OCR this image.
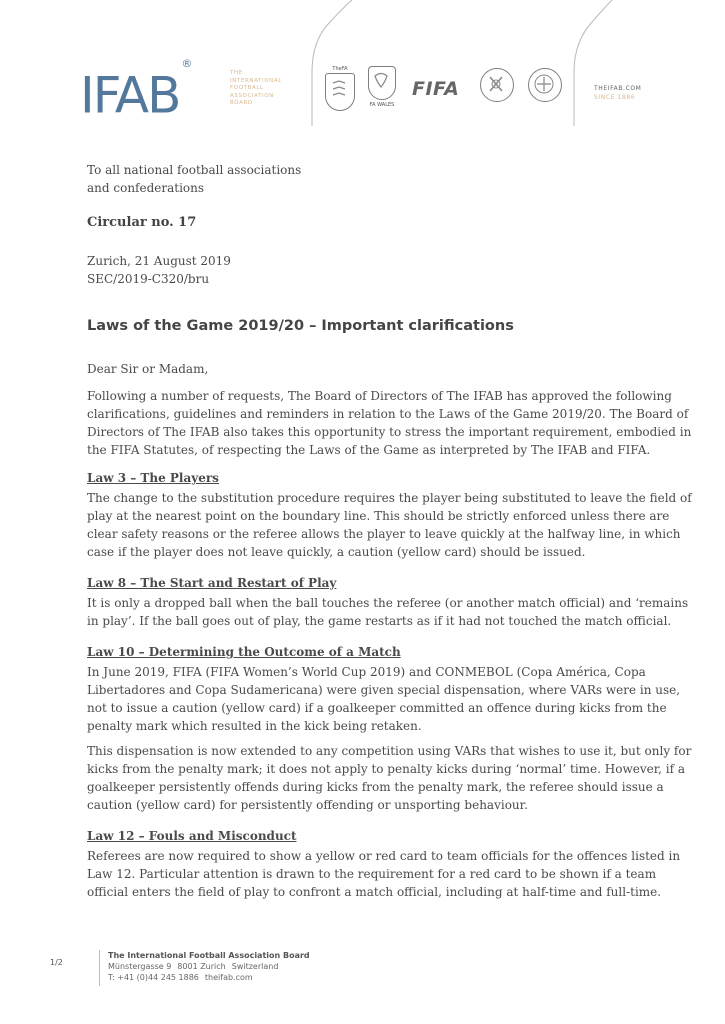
IFAB®
THE
INTERNATIONAL
FOOTBALL
ASSOCIATION
BOARD
TheFA
FA WALES
FIFA	THEIFAB.COM
SINCE 1886
To all national football associations
and confederations
Circular no. 17
Zurich, 21 August 2019
SEC/2019-C320/bru
Laws of the Game 2019/20 – Important clarifications
Dear Sir or Madam,
Following a number of requests, The Board of Directors of The IFAB has approved the following
clarifications, guidelines and reminders in relation to the Laws of the Game 2019/20. The Board of
Directors of The IFAB also takes this opportunity to stress the important requirement, embodied in
the FIFA Statutes, of respecting the Laws of the Game as interpreted by The IFAB and FIFA.
Law 3 – The Players
The change to the substitution procedure requires the player being substituted to leave the field of
play at the nearest point on the boundary line. This should be strictly enforced unless there are
clear safety reasons or the referee allows the player to leave quickly at the halfway line, in which
case if the player does not leave quickly, a caution (yellow card) should be issued.
Law 8 – The Start and Restart of Play
It is only a dropped ball when the ball touches the referee (or another match official) and ‘remains
in play’. If the ball goes out of play, the game restarts as if it had not touched the match official.
Law 10 – Determining the Outcome of a Match
In June 2019, FIFA (FIFA Women’s World Cup 2019) and CONMEBOL (Copa América, Copa
Libertadores and Copa Sudamericana) were given special dispensation, where VARs were in use,
not to issue a caution (yellow card) if a goalkeeper committed an offence during kicks from the
penalty mark which resulted in the kick being retaken.
This dispensation is now extended to any competition using VARs that wishes to use it, but only for
kicks from the penalty mark; it does not apply to penalty kicks during ‘normal’ time. However, if a
goalkeeper persistently offends during kicks from the penalty mark, the referee should issue a
caution (yellow card) for persistently offending or unsporting behaviour.
Law 12 – Fouls and Misconduct
Referees are now required to show a yellow or red card to team officials for the offences listed in
Law 12. Particular attention is drawn to the requirement for a red card to be shown if a team
official enters the field of play to confront a match official, including at half-time and full-time.
1/2
The International Football Association Board
Münstergasse 9 8001 Zurich Switzerland
T: +41 (0)44 245 1886 theifab.com
